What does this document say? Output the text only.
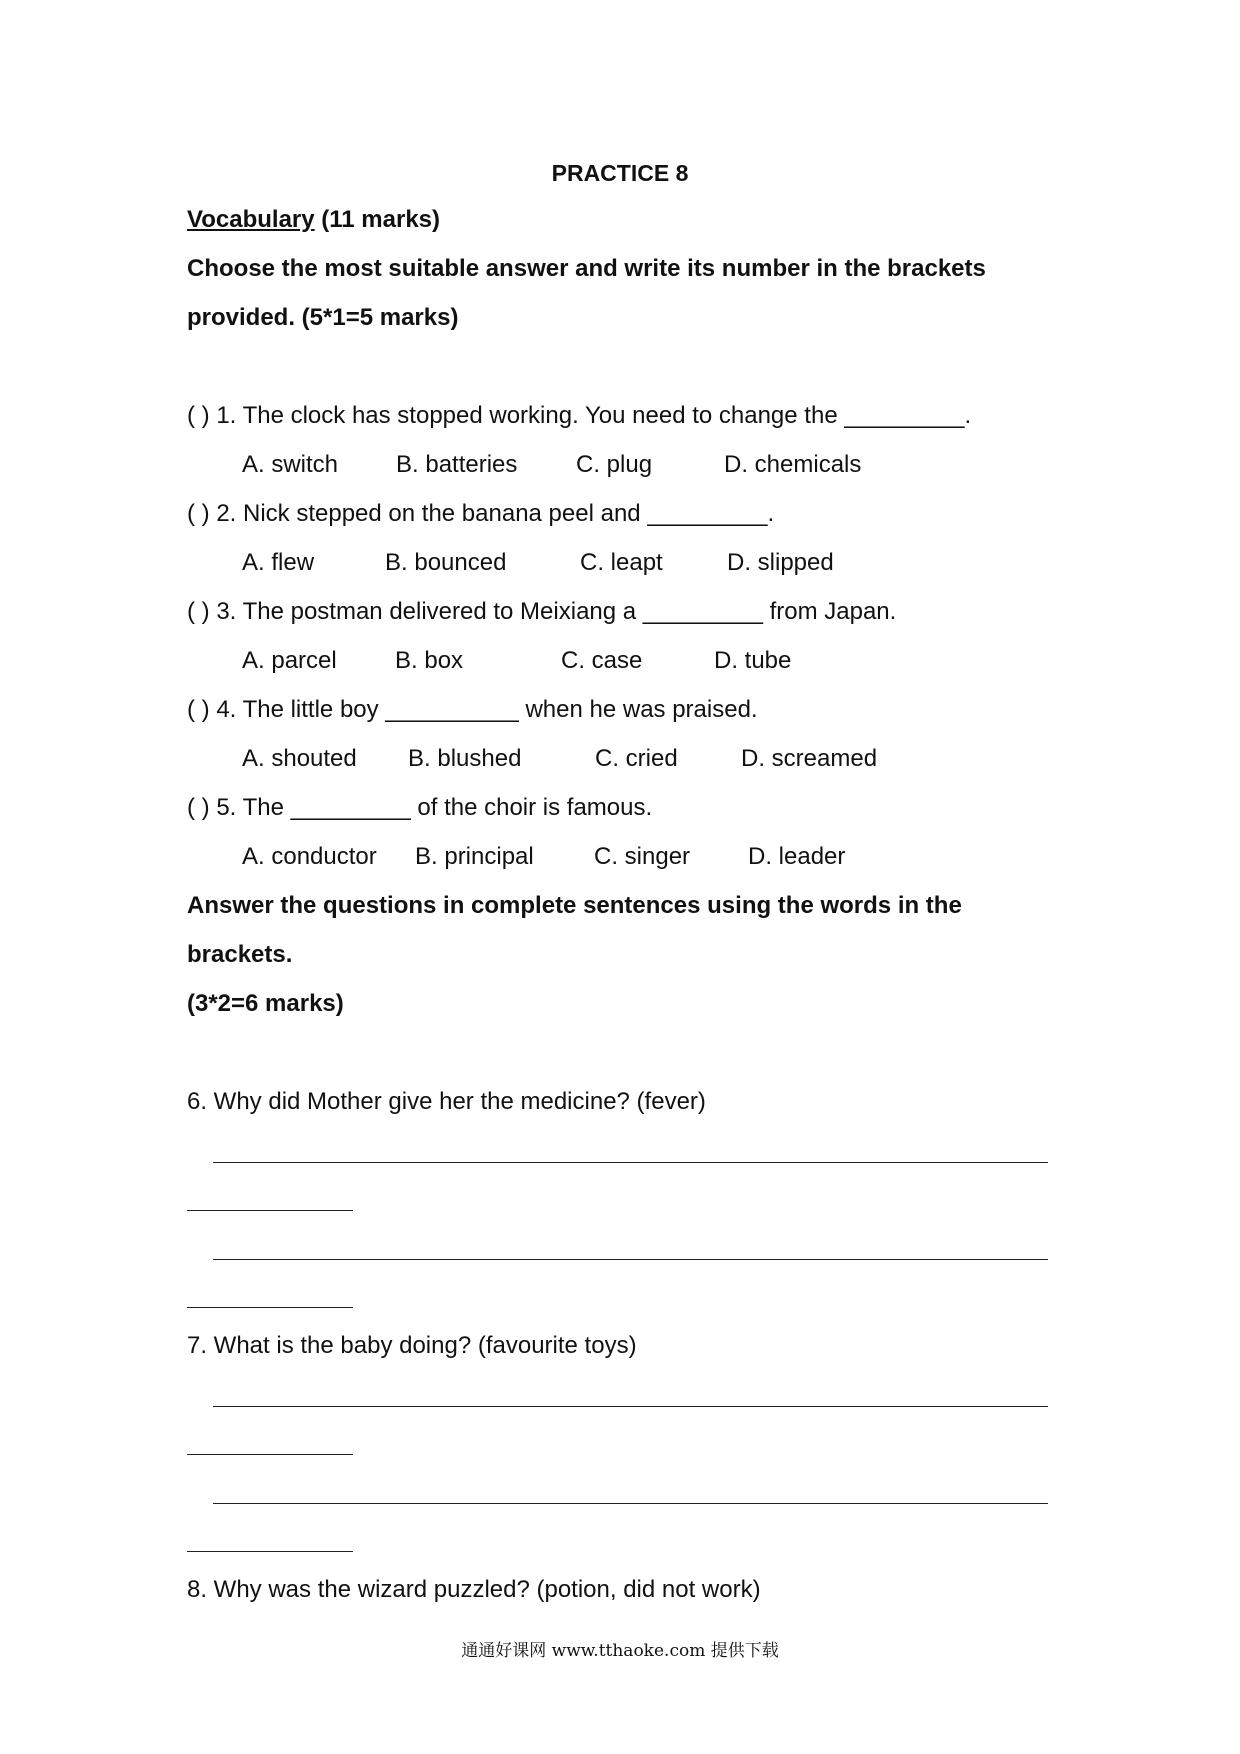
PRACTICE 8
Vocabulary (11 marks)
Choose the most suitable answer and write its number in the brackets
provided. (5*1=5 marks)
( ) 1. The clock has stopped working. You need to change the _________.
A. switch B. batteries C. plug	D. chemicals
( ) 2. Nick stepped on the banana peel and _________.
A. flew	B. bounced	C. leapt	D. slipped
( ) 3. The postman delivered to Meixiang a _________ from Japan.
A. parcel B. box	C. case	D. tube
( ) 4. The little boy __________ when he was praised.
A. shouted B. blushed	C. cried	D. screamed
( ) 5. The _________ of the choir is famous.
A. conductor B. principal	C. singer D. leader
Answer the questions in complete sentences using the words in the
brackets.
(3*2=6 marks)
6. Why did Mother give her the medicine? (fever)
7. What is the baby doing? (favourite toys)
8. Why was the wizard puzzled? (potion, did not work)
通通好课网 www.tthaoke.com 提供下载
